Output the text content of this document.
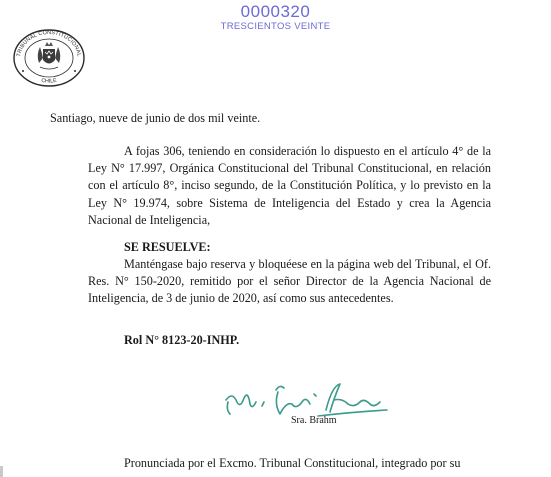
0000320
TRESCIENTOS VEINTE
TRIBUNAL CONSTITUCIONAL
CHILE
Santiago, nueve de junio de dos mil veinte.
A fojas 306, teniendo en consideración lo dispuesto en el artículo 4° de la Ley N° 17.997, Orgánica Constitucional del Tribunal Constitucional, en relación con el artículo 8°, inciso segundo, de la Constitución Política, y lo previsto en la Ley N° 19.974, sobre Sistema de Inteligencia del Estado y crea la Agencia Nacional de Inteligencia,
SE RESUELVE:
Manténgase bajo reserva y bloquéese en la página web del Tribunal, el Of. Res. N° 150-2020, remitido por el señor Director de la Agencia Nacional de Inteligencia, de 3 de junio de 2020, así como sus antecedentes.
Rol N° 8123-20-INHP.
Sra. Brahm
Pronunciada por el Excmo. Tribunal Constitucional, integrado por su
